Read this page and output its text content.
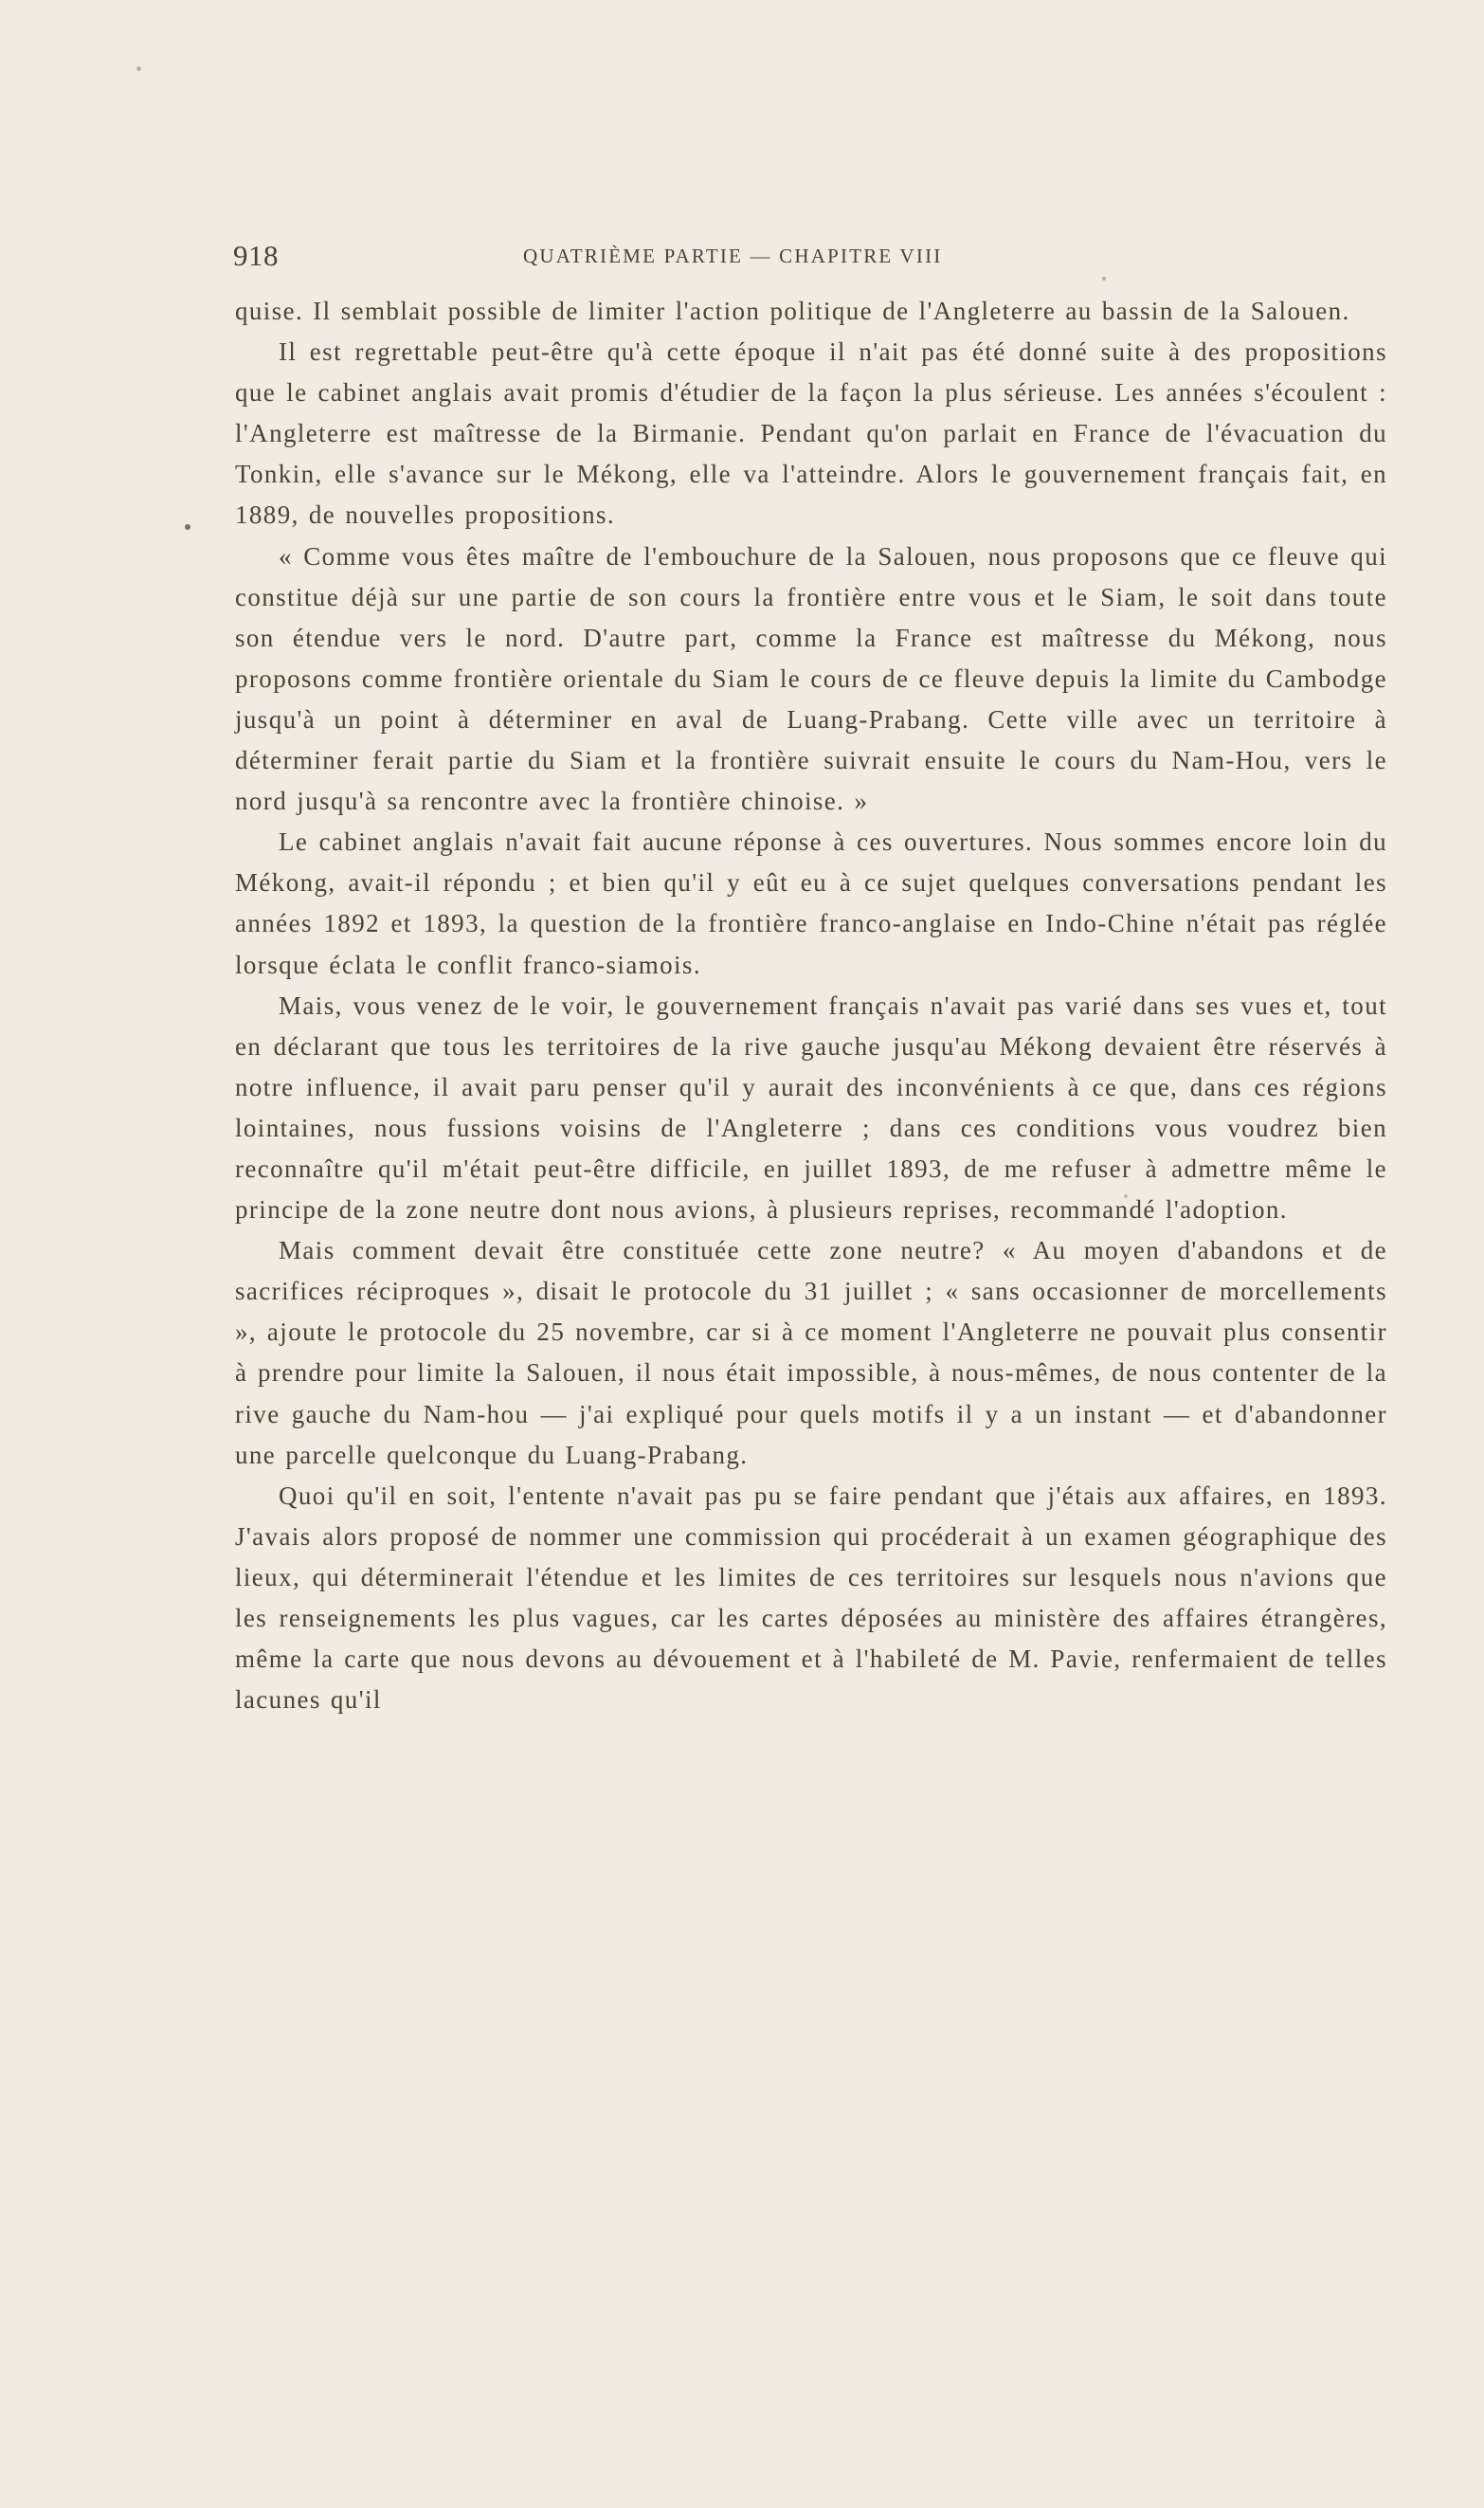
918	QUATRIÈME PARTIE — CHAPITRE VIII

quise. Il semblait possible de limiter l'action politique de l'Angleterre au bassin de la Salouen.

Il est regrettable peut-être qu'à cette époque il n'ait pas été donné suite à des propositions que le cabinet anglais avait promis d'étudier de la façon la plus sérieuse. Les années s'écoulent : l'Angleterre est maîtresse de la Birmanie. Pendant qu'on parlait en France de l'évacuation du Tonkin, elle s'avance sur le Mékong, elle va l'atteindre. Alors le gouvernement français fait, en 1889, de nouvelles propositions.

« Comme vous êtes maître de l'embouchure de la Salouen, nous proposons que ce fleuve qui constitue déjà sur une partie de son cours la frontière entre vous et le Siam, le soit dans toute son étendue vers le nord. D'autre part, comme la France est maîtresse du Mékong, nous proposons comme frontière orientale du Siam le cours de ce fleuve depuis la limite du Cambodge jusqu'à un point à déterminer en aval de Luang-Prabang. Cette ville avec un territoire à déterminer ferait partie du Siam et la frontière suivrait ensuite le cours du Nam-Hou, vers le nord jusqu'à sa rencontre avec la frontière chinoise. »

Le cabinet anglais n'avait fait aucune réponse à ces ouvertures. Nous sommes encore loin du Mékong, avait-il répondu ; et bien qu'il y eût eu à ce sujet quelques conversations pendant les années 1892 et 1893, la question de la frontière franco-anglaise en Indo-Chine n'était pas réglée lorsque éclata le conflit franco-siamois.

Mais, vous venez de le voir, le gouvernement français n'avait pas varié dans ses vues et, tout en déclarant que tous les territoires de la rive gauche jusqu'au Mékong devaient être réservés à notre influence, il avait paru penser qu'il y aurait des inconvénients à ce que, dans ces régions lointaines, nous fussions voisins de l'Angleterre ; dans ces conditions vous voudrez bien reconnaître qu'il m'était peut-être difficile, en juillet 1893, de me refuser à admettre même le principe de la zone neutre dont nous avions, à plusieurs reprises, recommandé l'adoption.

Mais comment devait être constituée cette zone neutre? « Au moyen d'abandons et de sacrifices réciproques », disait le protocole du 31 juillet ; « sans occasionner de morcellements », ajoute le protocole du 25 novembre, car si à ce moment l'Angleterre ne pouvait plus consentir à prendre pour limite la Salouen, il nous était impossible, à nous-mêmes, de nous contenter de la rive gauche du Nam-hou — j'ai expliqué pour quels motifs il y a un instant — et d'abandonner une parcelle quelconque du Luang-Prabang.

Quoi qu'il en soit, l'entente n'avait pas pu se faire pendant que j'étais aux affaires, en 1893. J'avais alors proposé de nommer une commission qui procéderait à un examen géographique des lieux, qui déterminerait l'étendue et les limites de ces territoires sur lesquels nous n'avions que les renseignements les plus vagues, car les cartes déposées au ministère des affaires étrangères, même la carte que nous devons au dévouement et à l'habileté de M. Pavie, renfermaient de telles lacunes qu'il
